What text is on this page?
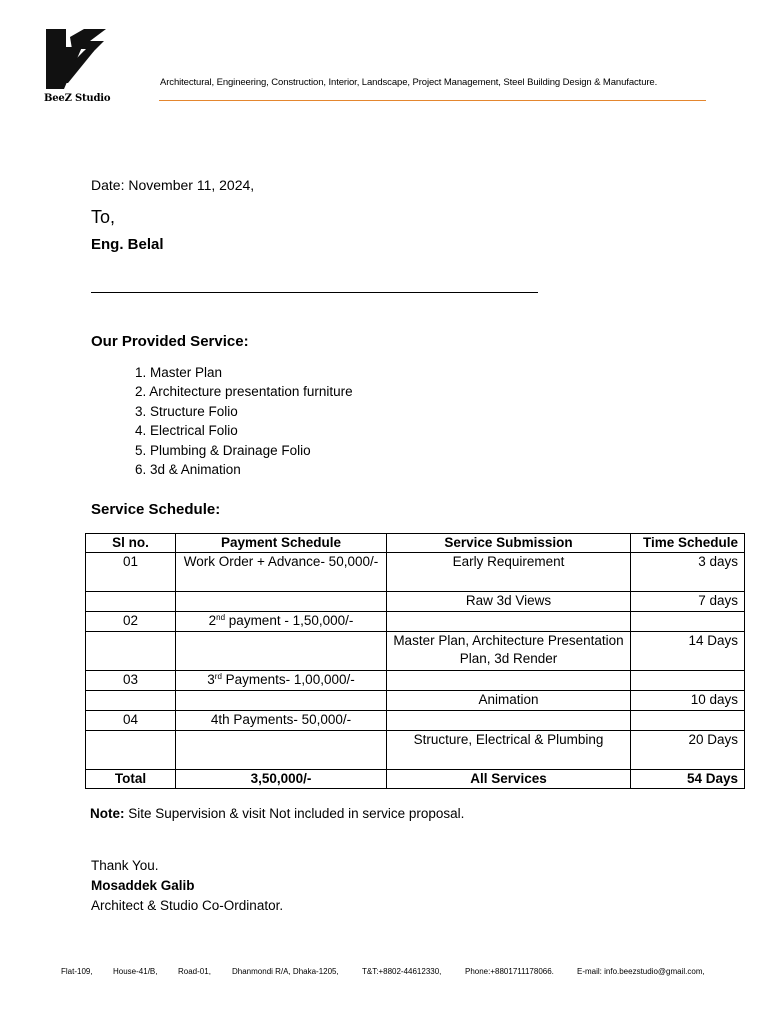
BeeZ Studio
Architectural, Engineering, Construction, Interior, Landscape, Project Management, Steel Building Design & Manufacture.
Date: November 11, 2024,
To,
Eng. Belal
Our Provided Service:
1. Master Plan
2. Architecture presentation furniture
3. Structure Folio
4. Electrical Folio
5. Plumbing & Drainage Folio
6. 3d & Animation
Service Schedule:
Sl no.	Payment Schedule	Service Submission	Time Schedule
01	Work Order + Advance- 50,000/-	Early Requirement	3 days
		Raw 3d Views	7 days
02	2nd payment - 1,50,000/-		
		Master Plan, Architecture Presentation Plan, 3d Render	14 Days
03	3rd Payments- 1,00,000/-		
		Animation	10 days
04	4th Payments- 50,000/-		
		Structure, Electrical & Plumbing	20 Days
Total	3,50,000/-	All Services	54 Days
Note: Site Supervision & visit Not included in service proposal.
Thank You.
Mosaddek Galib
Architect & Studio Co-Ordinator.
Flat-109,	House-41/B,	Road-01,	Dhanmondi R/A, Dhaka-1205,	T&T:+8802-44612330,	Phone:+8801711178066.	E-mail: info.beezstudio@gmail.com,
